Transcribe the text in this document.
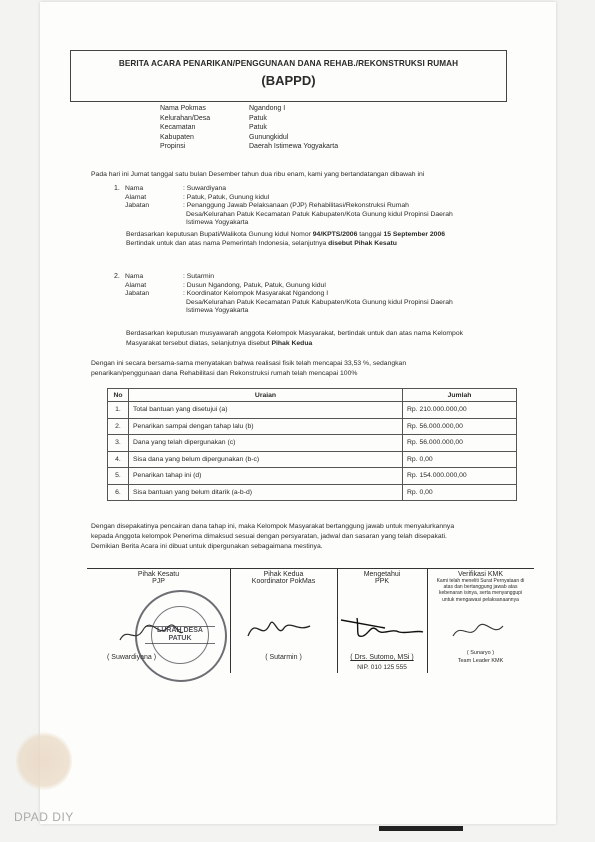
BERITA ACARA PENARIKAN/PENGGUNAAN DANA REHAB./REKONSTRUKSI RUMAH
(BAPPD)
Nama Pokmas	Ngandong I
Kelurahan/Desa	Patuk
Kecamatan	Patuk
Kabupaten	Gunungkidul
Propinsi	Daerah Istimewa Yogyakarta
Pada hari ini Jumat tanggal satu bulan Desember tahun dua ribu enam, kami yang bertandatangan dibawah ini
1. Nama	: Suwardiyana
Alamat	: Patuk, Patuk, Gunung kidul
Jabatan	: Penanggung Jawab Pelaksanaan (PJP) Rehabilitasi/Rekonstruksi Rumah
Desa/Kelurahan Patuk Kecamatan Patuk Kabupaten/Kota Gunung kidul Propinsi Daerah
Istimewa Yogyakarta
Berdasarkan keputusan Bupati/Walikota Gunung kidul Nomor 94/KPTS/2006 tanggal 15 September 2006
Bertindak untuk dan atas nama Pemerintah Indonesia, selanjutnya disebut Pihak Kesatu
2. Nama	: Sutarmin
Alamat	: Dusun Ngandong, Patuk, Patuk, Gunung kidul
Jabatan	: Koordinator Kelompok Masyarakat Ngandong I
Desa/Kelurahan Patuk Kecamatan Patuk Kabupaten/Kota Gunung kidul Propinsi Daerah
Istimewa Yogyakarta
Berdasarkan keputusan musyawarah anggota Kelompok Masyarakat, bertindak untuk dan atas nama Kelompok
Masyarakat tersebut diatas, selanjutnya disebut Pihak Kedua
Dengan ini secara bersama-sama menyatakan bahwa realisasi fisik telah mencapai 33,53 %, sedangkan
penarikan/penggunaan dana Rehabilitasi dan Rekonstruksi rumah telah mencapai 100%
No	Uraian	Jumlah
1.	Total bantuan yang disetujui (a)	Rp. 210.000.000,00
2.	Penarikan sampai dengan tahap lalu (b)	Rp. 56.000.000,00
3.	Dana yang telah dipergunakan (c)	Rp. 56.000.000,00
4.	Sisa dana yang belum dipergunakan (b-c)	Rp. 0,00
5.	Penarikan tahap ini (d)	Rp. 154.000.000,00
6.	Sisa bantuan yang belum ditarik (a-b-d)	Rp. 0,00
Dengan disepakatinya pencairan dana tahap ini, maka Kelompok Masyarakat bertanggung jawab untuk menyalurkannya
kepada Anggota kelompok Penerima dimaksud sesuai dengan persyaratan, jadwal dan sasaran yang telah disepakati.
Demikian Berita Acara ini dibuat untuk dipergunakan sebagaimana mestinya.
Pihak Kesatu
PJP
( Suwardiyana )
LURAH DESA PATUK
Pihak Kedua
Koordinator PokMas
( Sutarmin )
Mengetahui
PPK
( Drs. Sutomo, MSi )
NIP. 010 125 555
Verifikasi KMK
Kami telah meneliti Surat Pernyataan di atas dan bertanggung jawab atas kebenaran isinya, serta menyanggupi untuk mengawasi pelaksanaannya
( Sunaryo )
Team Leader KMK
DPAD DIY
